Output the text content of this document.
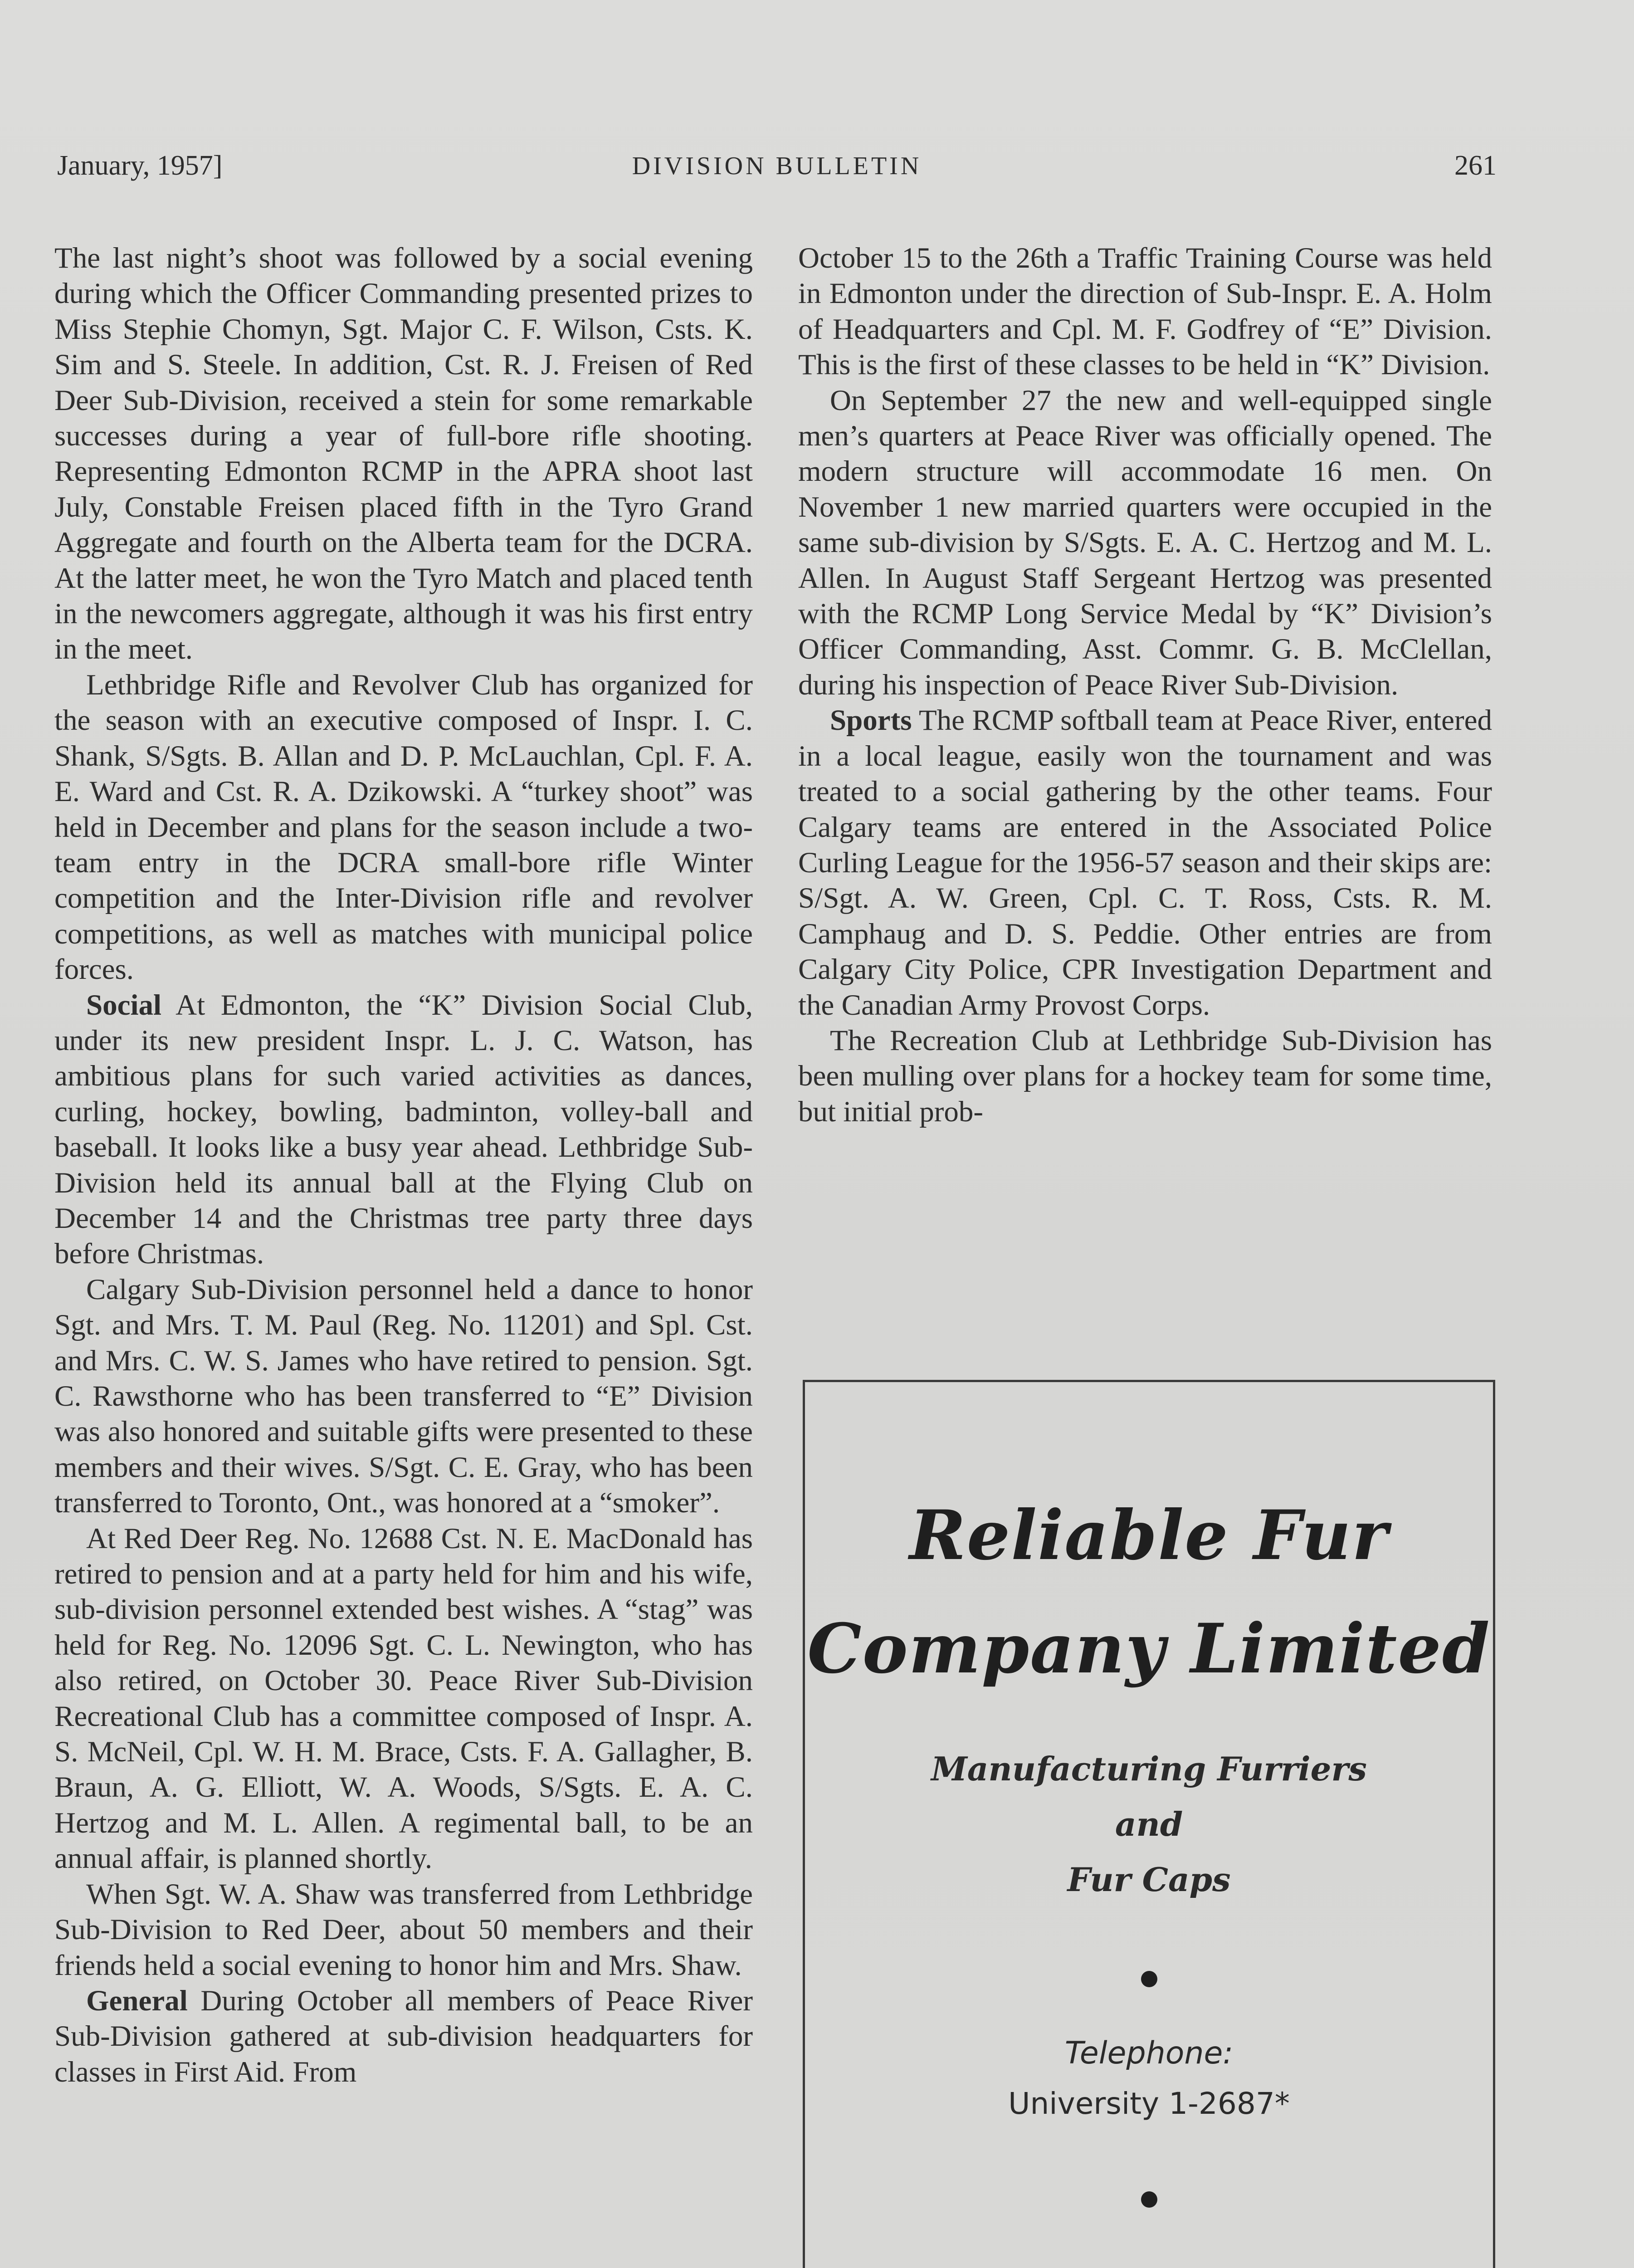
January, 1957]	DIVISION BULLETIN	261

The last night’s shoot was followed by a social evening during which the Officer Commanding presented prizes to Miss Stephie Chomyn, Sgt. Major C. F. Wilson, Csts. K. Sim and S. Steele. In addition, Cst. R. J. Freisen of Red Deer Sub-Division, received a stein for some remarkable successes during a year of full-bore rifle shooting. Representing Edmonton RCMP in the APRA shoot last July, Constable Freisen placed fifth in the Tyro Grand Aggregate and fourth on the Alberta team for the DCRA. At the latter meet, he won the Tyro Match and placed tenth in the newcomers aggregate, although it was his first entry in the meet.

Lethbridge Rifle and Revolver Club has organized for the season with an executive composed of Inspr. I. C. Shank, S/Sgts. B. Allan and D. P. McLauchlan, Cpl. F. A. E. Ward and Cst. R. A. Dzikowski. A “turkey shoot” was held in December and plans for the season include a two-team entry in the DCRA small-bore rifle Winter competition and the Inter-Division rifle and revolver competitions, as well as matches with municipal police forces.

Social At Edmonton, the “K” Division Social Club, under its new president Inspr. L. J. C. Watson, has ambitious plans for such varied activities as dances, curling, hockey, bowling, badminton, volley-ball and baseball. It looks like a busy year ahead. Lethbridge Sub-Division held its annual ball at the Flying Club on December 14 and the Christmas tree party three days before Christmas.

Calgary Sub-Division personnel held a dance to honor Sgt. and Mrs. T. M. Paul (Reg. No. 11201) and Spl. Cst. and Mrs. C. W. S. James who have retired to pension. Sgt. C. Rawsthorne who has been transferred to “E” Division was also honored and suitable gifts were presented to these members and their wives. S/Sgt. C. E. Gray, who has been transferred to Toronto, Ont., was honored at a “smoker”.

At Red Deer Reg. No. 12688 Cst. N. E. MacDonald has retired to pension and at a party held for him and his wife, sub-division personnel extended best wishes. A “stag” was held for Reg. No. 12096 Sgt. C. L. Newington, who has also retired, on October 30. Peace River Sub-Division Recreational Club has a committee composed of Inspr. A. S. McNeil, Cpl. W. H. M. Brace, Csts. F. A. Gallagher, B. Braun, A. G. Elliott, W. A. Woods, S/Sgts. E. A. C. Hertzog and M. L. Allen. A regimental ball, to be an annual affair, is planned shortly.

When Sgt. W. A. Shaw was transferred from Lethbridge Sub-Division to Red Deer, about 50 members and their friends held a social evening to honor him and Mrs. Shaw.

General During October all members of Peace River Sub-Division gathered at sub-division headquarters for classes in First Aid. From

October 15 to the 26th a Traffic Training Course was held in Edmonton under the direction of Sub-Inspr. E. A. Holm of Headquarters and Cpl. M. F. Godfrey of “E” Division. This is the first of these classes to be held in “K” Division.

On September 27 the new and well-equipped single men’s quarters at Peace River was officially opened. The modern structure will accommodate 16 men. On November 1 new married quarters were occupied in the same sub-division by S/Sgts. E. A. C. Hertzog and M. L. Allen. In August Staff Sergeant Hertzog was presented with the RCMP Long Service Medal by “K” Division’s Officer Commanding, Asst. Commr. G. B. McClellan, during his inspection of Peace River Sub-Division.

Sports The RCMP softball team at Peace River, entered in a local league, easily won the tournament and was treated to a social gathering by the other teams. Four Calgary teams are entered in the Associated Police Curling League for the 1956-57 season and their skips are: S/Sgt. A. W. Green, Cpl. C. T. Ross, Csts. R. M. Camphaug and D. S. Peddie. Other entries are from Calgary City Police, CPR Investigation Department and the Canadian Army Provost Corps.

The Recreation Club at Lethbridge Sub-Division has been mulling over plans for a hockey team for some time, but initial prob-

Reliable Fur
Company Limited
Manufacturing Furriers
and
Fur Caps
Telephone:
University 1-2687*
